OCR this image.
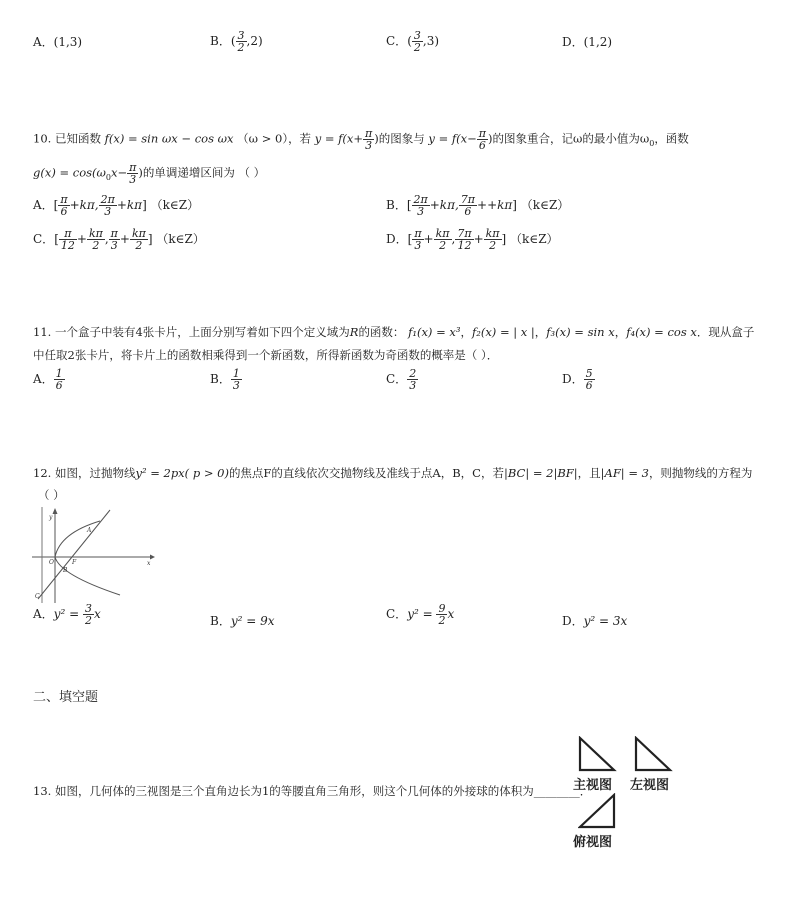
A．(1,3)	B．( $\frac{3}{2} ,2$)	C．( $\frac{3}{2} ,3$)	D．(1,2)
10. 已知函数 f(x) = sin ωx − cos ωx （ω > 0），若 $y = f(x+ \frac{\pi}{3}$ )的图象与 $y = f(x- \frac{\pi}{6}$ )的图象重合，记ω的最小值为$\omega_0$，函数
$g(x) = \cos(\omega_0x- \frac{\pi}{3}$ )的单调递增区间为 （ ）
A．[ $\frac{\pi}{6} +k\pi$, $\frac{2\pi}{3} +k\pi$] （k∈Z）	B．[ $\frac{2\pi}{3} +k\pi$, $\frac{7\pi}{6} ++k\pi$] （k∈Z）
C．[ $\frac{\pi}{12} + \frac{k\pi}{2}$ , $\frac{\pi}{3} + \frac{k\pi}{2}$ ] （k∈Z）	D．[ $\frac{\pi}{3} + \frac{k\pi}{2}$ , $\frac{7\pi}{12} + \frac{k\pi}{2}$ ] （k∈Z）
11. 一个盒子中装有4张卡片，上面分别写着如下四个定义域为R的函数： f₁(x) = x³，f₂(x) = | x |，f₃(x) = sin x，f₄(x) = cos x．现从盒子
中任取2张卡片，将卡片上的函数相乘得到一个新函数，所得新函数为奇函数的概率是（ ）．
A． $\frac{1}{6}$	B． $\frac{1}{3}$	C． $\frac{2}{3}$	D． $\frac{5}{6}$
12. 如图，过抛物线y² = 2px( p > 0)的焦点F的直线依次交抛物线及准线于点A，B，C，若|BC| = 2|BF|，且|AF| = 3，则抛物线的方程为
（ ）
y
x
O	F
A
B
C
A．$y^2 = \frac{3}{2}$ x	B．y² = 9x	C．$y^2 = \frac{9}{2}$ x	D．y² = 3x
二、填空题
13. 如图，几何体的三视图是三个直角边长为1的等腰直角三角形，则这个几何体的外接球的体积为________．
主视图 左视图
俯视图
